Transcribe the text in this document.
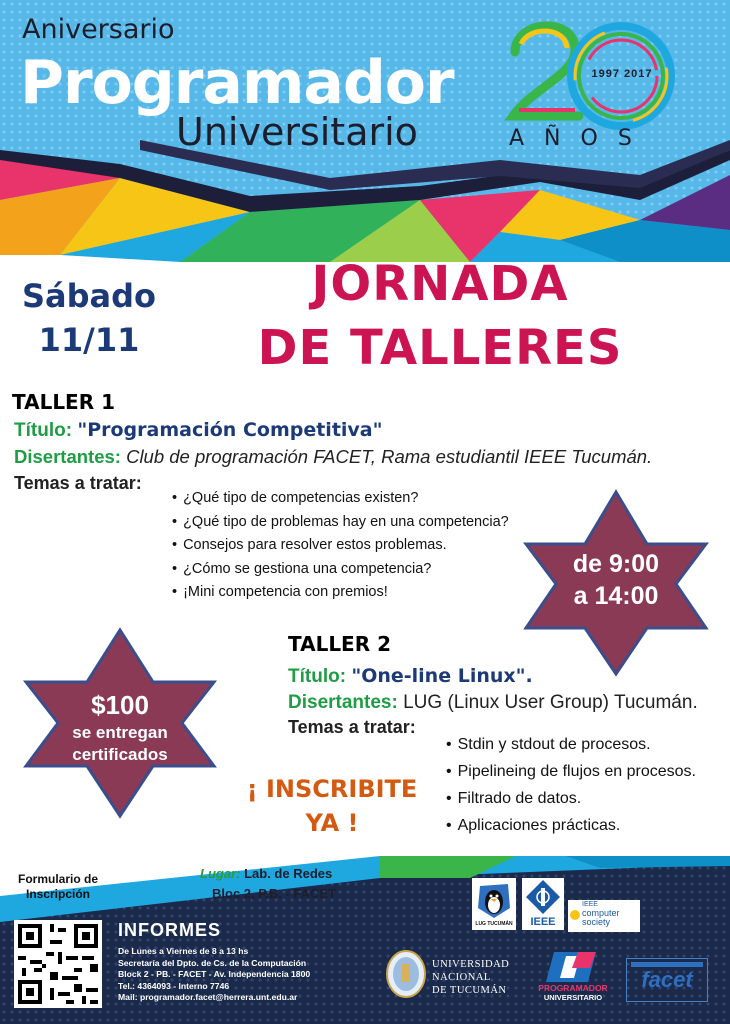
Aniversario
Programador
Universitario
1997 2017
AÑOS
Sábado
11/11
JORNADA
DE TALLERES
TALLER 1
Título: "Programación Competitiva"
Disertantes: Club de programación FACET, Rama estudiantil IEEE Tucumán.
Temas a tratar:
• ¿Qué tipo de competencias existen?
• ¿Qué tipo de problemas hay en una competencia?
• Consejos para resolver estos problemas.
• ¿Cómo se gestiona una competencia?
• ¡Mini competencia con premios!
de 9:00
a 14:00
TALLER 2
Título: "One-line Linux".
Disertantes: LUG (Linux User Group) Tucumán.
Temas a tratar:
• Stdin y stdout de procesos.
• Pipelineing de flujos en procesos.
• Filtrado de datos.
• Aplicaciones prácticas.
$100
se entregan
certificados
¡ INSCRIBITE
YA !
Formulario de
Inscripción
Lugar: Lab. de Redes
Bloc 2, P.B. - FACET
INFORMES
De Lunes a Viernes de 8 a 13 hs
Secretaría del Dpto. de Cs. de la Computación
Block 2 - PB. - FACET - Av. Independencia 1800
Tel.: 4364093 - Interno 7746
Mail: programador.facet@herrera.unt.edu.ar
UNIVERSIDAD
NACIONAL
DE TUCUMÁN
LUG TUCUMÁN	IEEE
IEEE
computer
society
PROGRAMADOR
UNIVERSITARIO
facet
